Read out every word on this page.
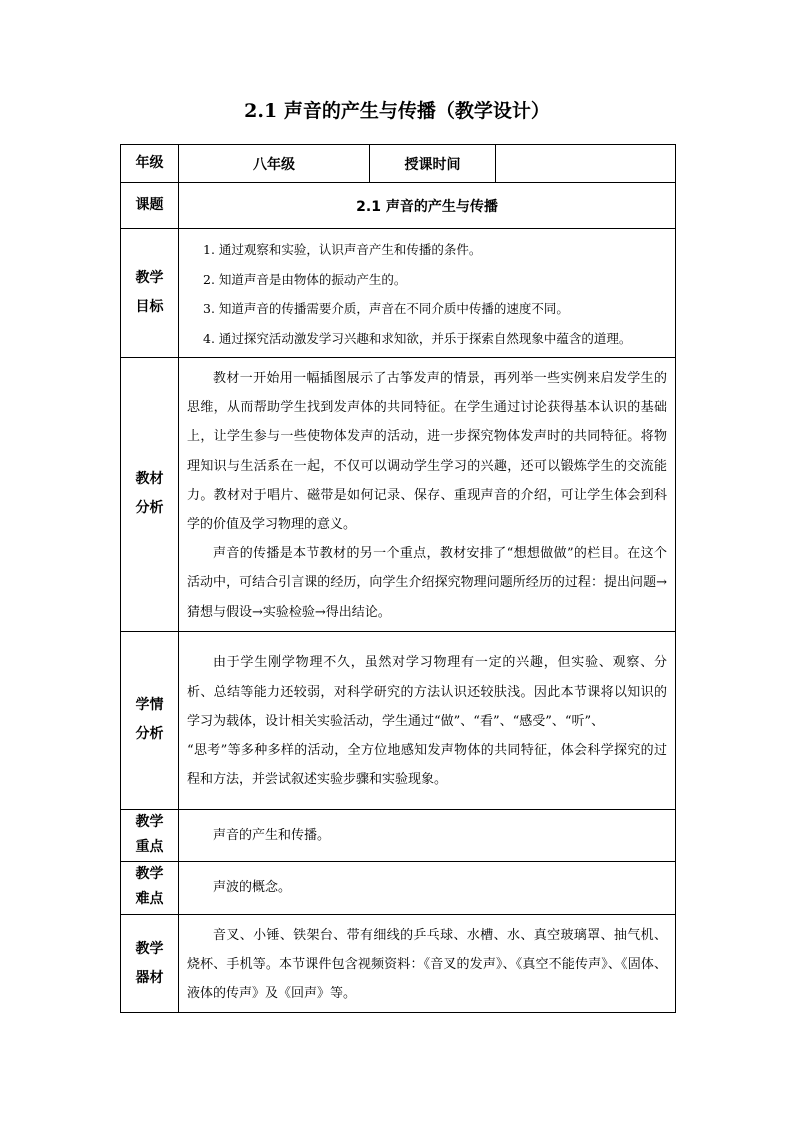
2.1 声音的产生与传播（教学设计）
年级	八年级	授课时间	
课题	2.1 声音的产生与传播		
教学目标	1. 通过观察和实验，认识声音产生和传播的条件。
2. 知道声音是由物体的振动产生的。
3. 知道声音的传播需要介质，声音在不同介质中传播的速度不同。
4. 通过探究活动激发学习兴趣和求知欲，并乐于探索自然现象中蕴含的道理。		

教材分析	教材一开始用一幅插图展示了古筝发声的情景，再列举一些实例来启发学生的思维，从而帮助学生找到发声体的共同特征。在学生通过讨论获得基本认识的基础上，让学生参与一些使物体发声的活动，进一步探究物体发声时的共同特征。将物理知识与生活系在一起，不仅可以调动学生学习的兴趣，还可以锻炼学生的交流能力。教材对于唱片、磁带是如何记录、保存、重现声音的介绍，可让学生体会到科学的价值及学习物理的意义。

声音的传播是本节教材的另一个重点，教材安排了“想想做做”的栏目。在这个活动中，可结合引言课的经历，向学生介绍探究物理问题所经历的过程：提出问题→猜想与假设→实验检验→得出结论。		

学情分析	由于学生刚学物理不久，虽然对学习物理有一定的兴趣，但实验、观察、分析、总结等能力还较弱，对科学研究的方法认识还较肤浅。因此本节课将以知识的学习为载体，设计相关实验活动，学生通过“做”、“看”、“感受”、“听”、

“思考”等多种多样的活动，全方位地感知发声物体的共同特征，体会科学探究的过程和方法，并尝试叙述实验步骤和实验现象。		

教学重点	声音的产生和传播。		

教学难点	声波的概念。		

教学器材	音叉、小锤、铁架台、带有细线的乒乓球、水槽、水、真空玻璃罩、抽气机、烧杯、手机等。本节课件包含视频资料：《音叉的发声》、《真空不能传声》、《固体、液体的传声》及《回声》等。		
